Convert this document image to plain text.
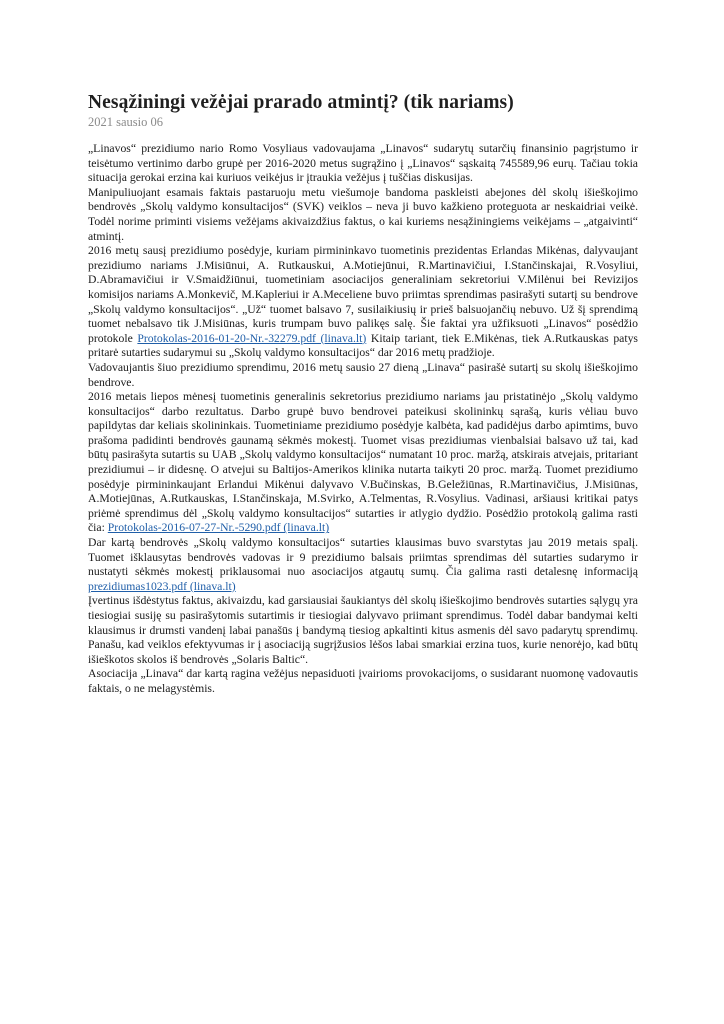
Nesąžiningi vežėjai prarado atmintį? (tik nariams)
2021 sausio 06

„Linavos“ prezidiumo nario Romo Vosyliaus vadovaujama „Linavos“ sudarytų sutarčių finansinio pagrįstumo ir teisėtumo vertinimo darbo grupė per 2016-2020 metus sugrąžino į „Linavos“ sąskaitą 745589,96 eurų. Tačiau tokia situacija gerokai erzina kai kuriuos veikėjus ir įtraukia vežėjus į tuščias diskusijas.

Manipuliuojant esamais faktais pastaruoju metu viešumoje bandoma paskleisti abejones dėl skolų išieškojimo bendrovės „Skolų valdymo konsultacijos“ (SVK) veiklos – neva ji buvo kažkieno proteguota ar neskaidriai veikė. Todėl norime priminti visiems vežėjams akivaizdžius faktus, o kai kuriems nesąžiningiems veikėjams – „atgaivinti“ atmintį.

2016 metų sausį prezidiumo posėdyje, kuriam pirmininkavo tuometinis prezidentas Erlandas Mikėnas, dalyvaujant prezidiumo nariams J.Misiūnui, A. Rutkauskui, A.Motiejūnui, R.Martinavičiui, I.Stančinskajai, R.Vosyliui, D.Abramavičiui ir V.Smaidžiūnui, tuometiniam asociacijos generaliniam sekretoriui V.Milėnui bei Revizijos komisijos nariams A.Monkevič, M.Kapleriui ir A.Meceliene buvo priimtas sprendimas pasirašyti sutartį su bendrove „Skolų valdymo konsultacijos“. „Už“ tuomet balsavo 7, susilaikiusių ir prieš balsuojančių nebuvo. Už šį sprendimą tuomet nebalsavo tik J.Misiūnas, kuris trumpam buvo palikęs salę. Šie faktai yra užfiksuoti „Linavos“ posėdžio protokole Protokolas-2016-01-20-Nr.-32279.pdf (linava.lt) Kitaip tariant, tiek E.Mikėnas, tiek A.Rutkauskas patys pritarė sutarties sudarymui su „Skolų valdymo konsultacijos“ dar 2016 metų pradžioje.

Vadovaujantis šiuo prezidiumo sprendimu, 2016 metų sausio 27 dieną „Linava“ pasirašė sutartį su skolų išieškojimo bendrove.

2016 metais liepos mėnesį tuometinis generalinis sekretorius prezidiumo nariams jau pristatinėjo „Skolų valdymo konsultacijos“ darbo rezultatus. Darbo grupė buvo bendrovei pateikusi skolininkų sąrašą, kuris vėliau buvo papildytas dar keliais skolininkais. Tuometiniame prezidiumo posėdyje kalbėta, kad padidėjus darbo apimtims, buvo prašoma padidinti bendrovės gaunamą sėkmės mokestį. Tuomet visas prezidiumas vienbalsiai balsavo už tai, kad būtų pasirašyta sutartis su UAB „Skolų valdymo konsultacijos“ numatant 10 proc. maržą, atskirais atvejais, pritariant prezidiumui – ir didesnę. O atvejui su Baltijos-Amerikos klinika nutarta taikyti 20 proc. maržą. Tuomet prezidiumo posėdyje pirmininkaujant Erlandui Mikėnui dalyvavo V.Bučinskas, B.Geležiūnas, R.Martinavičius, J.Misiūnas, A.Motiejūnas, A.Rutkauskas, I.Stančinskaja, M.Svirko, A.Telmentas, R.Vosylius. Vadinasi, aršiausi kritikai patys priėmė sprendimus dėl „Skolų valdymo konsultacijos“ sutarties ir atlygio dydžio. Posėdžio protokolą galima rasti čia: Protokolas-2016-07-27-Nr.-5290.pdf (linava.lt)

Dar kartą bendrovės „Skolų valdymo konsultacijos“ sutarties klausimas buvo svarstytas jau 2019 metais spalį. Tuomet išklausytas bendrovės vadovas ir 9 prezidiumo balsais priimtas sprendimas dėl sutarties sudarymo ir nustatyti sėkmės mokestį priklausomai nuo asociacijos atgautų sumų. Čia galima rasti detalesnę informaciją prezidiumas1023.pdf (linava.lt)

Įvertinus išdėstytus faktus, akivaizdu, kad garsiausiai šaukiantys dėl skolų išieškojimo bendrovės sutarties sąlygų yra tiesiogiai susiję su pasirašytomis sutartimis ir tiesiogiai dalyvavo priimant sprendimus. Todėl dabar bandymai kelti klausimus ir drumsti vandenį labai panašūs į bandymą tiesiog apkaltinti kitus asmenis dėl savo padarytų sprendimų. Panašu, kad veiklos efektyvumas ir į asociaciją sugrįžusios lėšos labai smarkiai erzina tuos, kurie nenorėjo, kad būtų išieškotos skolos iš bendrovės „Solaris Baltic“.

Asociacija „Linava“ dar kartą ragina vežėjus nepasiduoti įvairioms provokacijoms, o susidarant nuomonę vadovautis faktais, o ne melagystėmis.
